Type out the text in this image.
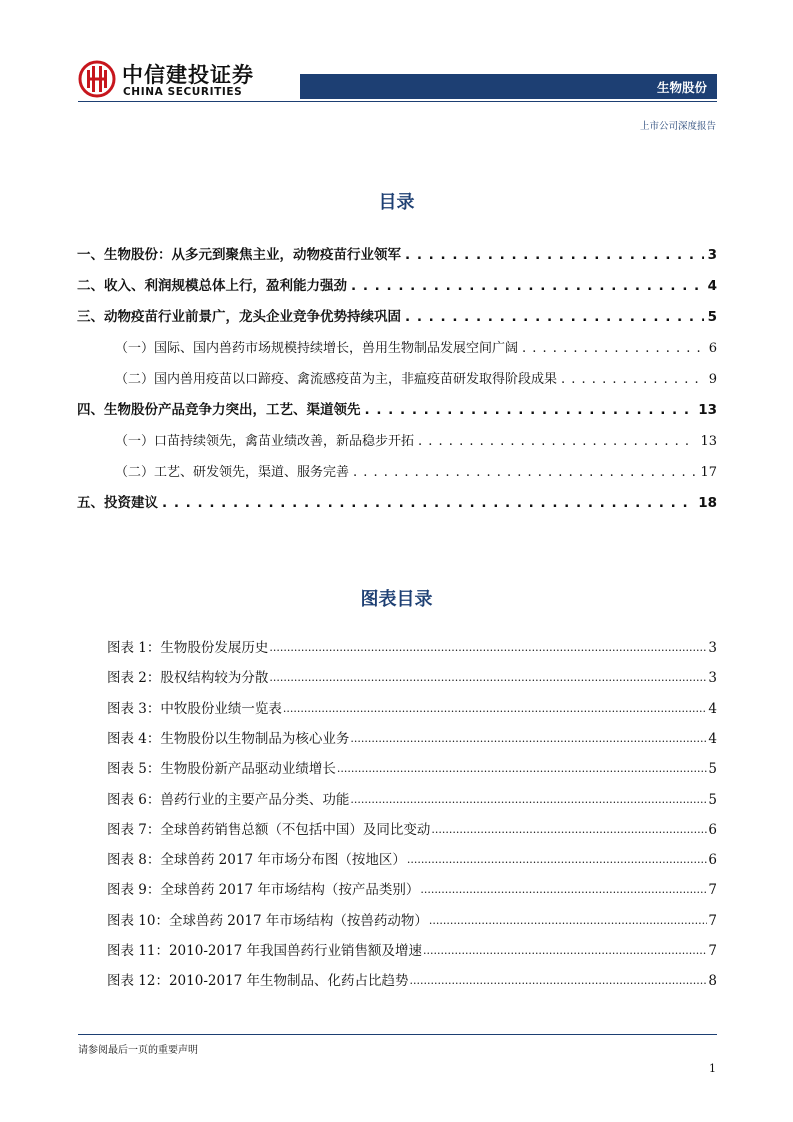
中信建投证券
CHINA SECURITIES	生物股份
上市公司深度报告
目录
一、生物股份：从多元到聚焦主业，动物疫苗行业领军 . . .	3
二、收入、利润规模总体上行，盈利能力强劲 . . .	4
三、动物疫苗行业前景广，龙头企业竞争优势持续巩固 . . .	5
（一）国际、国内兽药市场规模持续增长，兽用生物制品发展空间广阔 . . .	6
（二）国内兽用疫苗以口蹄疫、禽流感疫苗为主，非瘟疫苗研发取得阶段成果 . . .	9
四、生物股份产品竞争力突出，工艺、渠道领先 . . .	13
（一）口苗持续领先，禽苗业绩改善，新品稳步开拓 . . .	13
（二）工艺、研发领先，渠道、服务完善 . . .	17
五、投资建议 . . .	18
图表目录
图表 1：生物股份发展历史 .....	3
图表 2：股权结构较为分散 .....	3
图表 3：中牧股份业绩一览表 .....	4
图表 4：生物股份以生物制品为核心业务 .....	4
图表 5：生物股份新产品驱动业绩增长 .....	5
图表 6：兽药行业的主要产品分类、功能 .....	5
图表 7：全球兽药销售总额（不包括中国）及同比变动 .....	6
图表 8：全球兽药 2017 年市场分布图（按地区） .....	6
图表 9：全球兽药 2017 年市场结构（按产品类别） .....	7
图表 10：全球兽药 2017 年市场结构（按兽药动物） .....	7
图表 11：2010-2017 年我国兽药行业销售额及增速 .....	7
图表 12：2010-2017 年生物制品、化药占比趋势 .....	8
请参阅最后一页的重要声明
1
